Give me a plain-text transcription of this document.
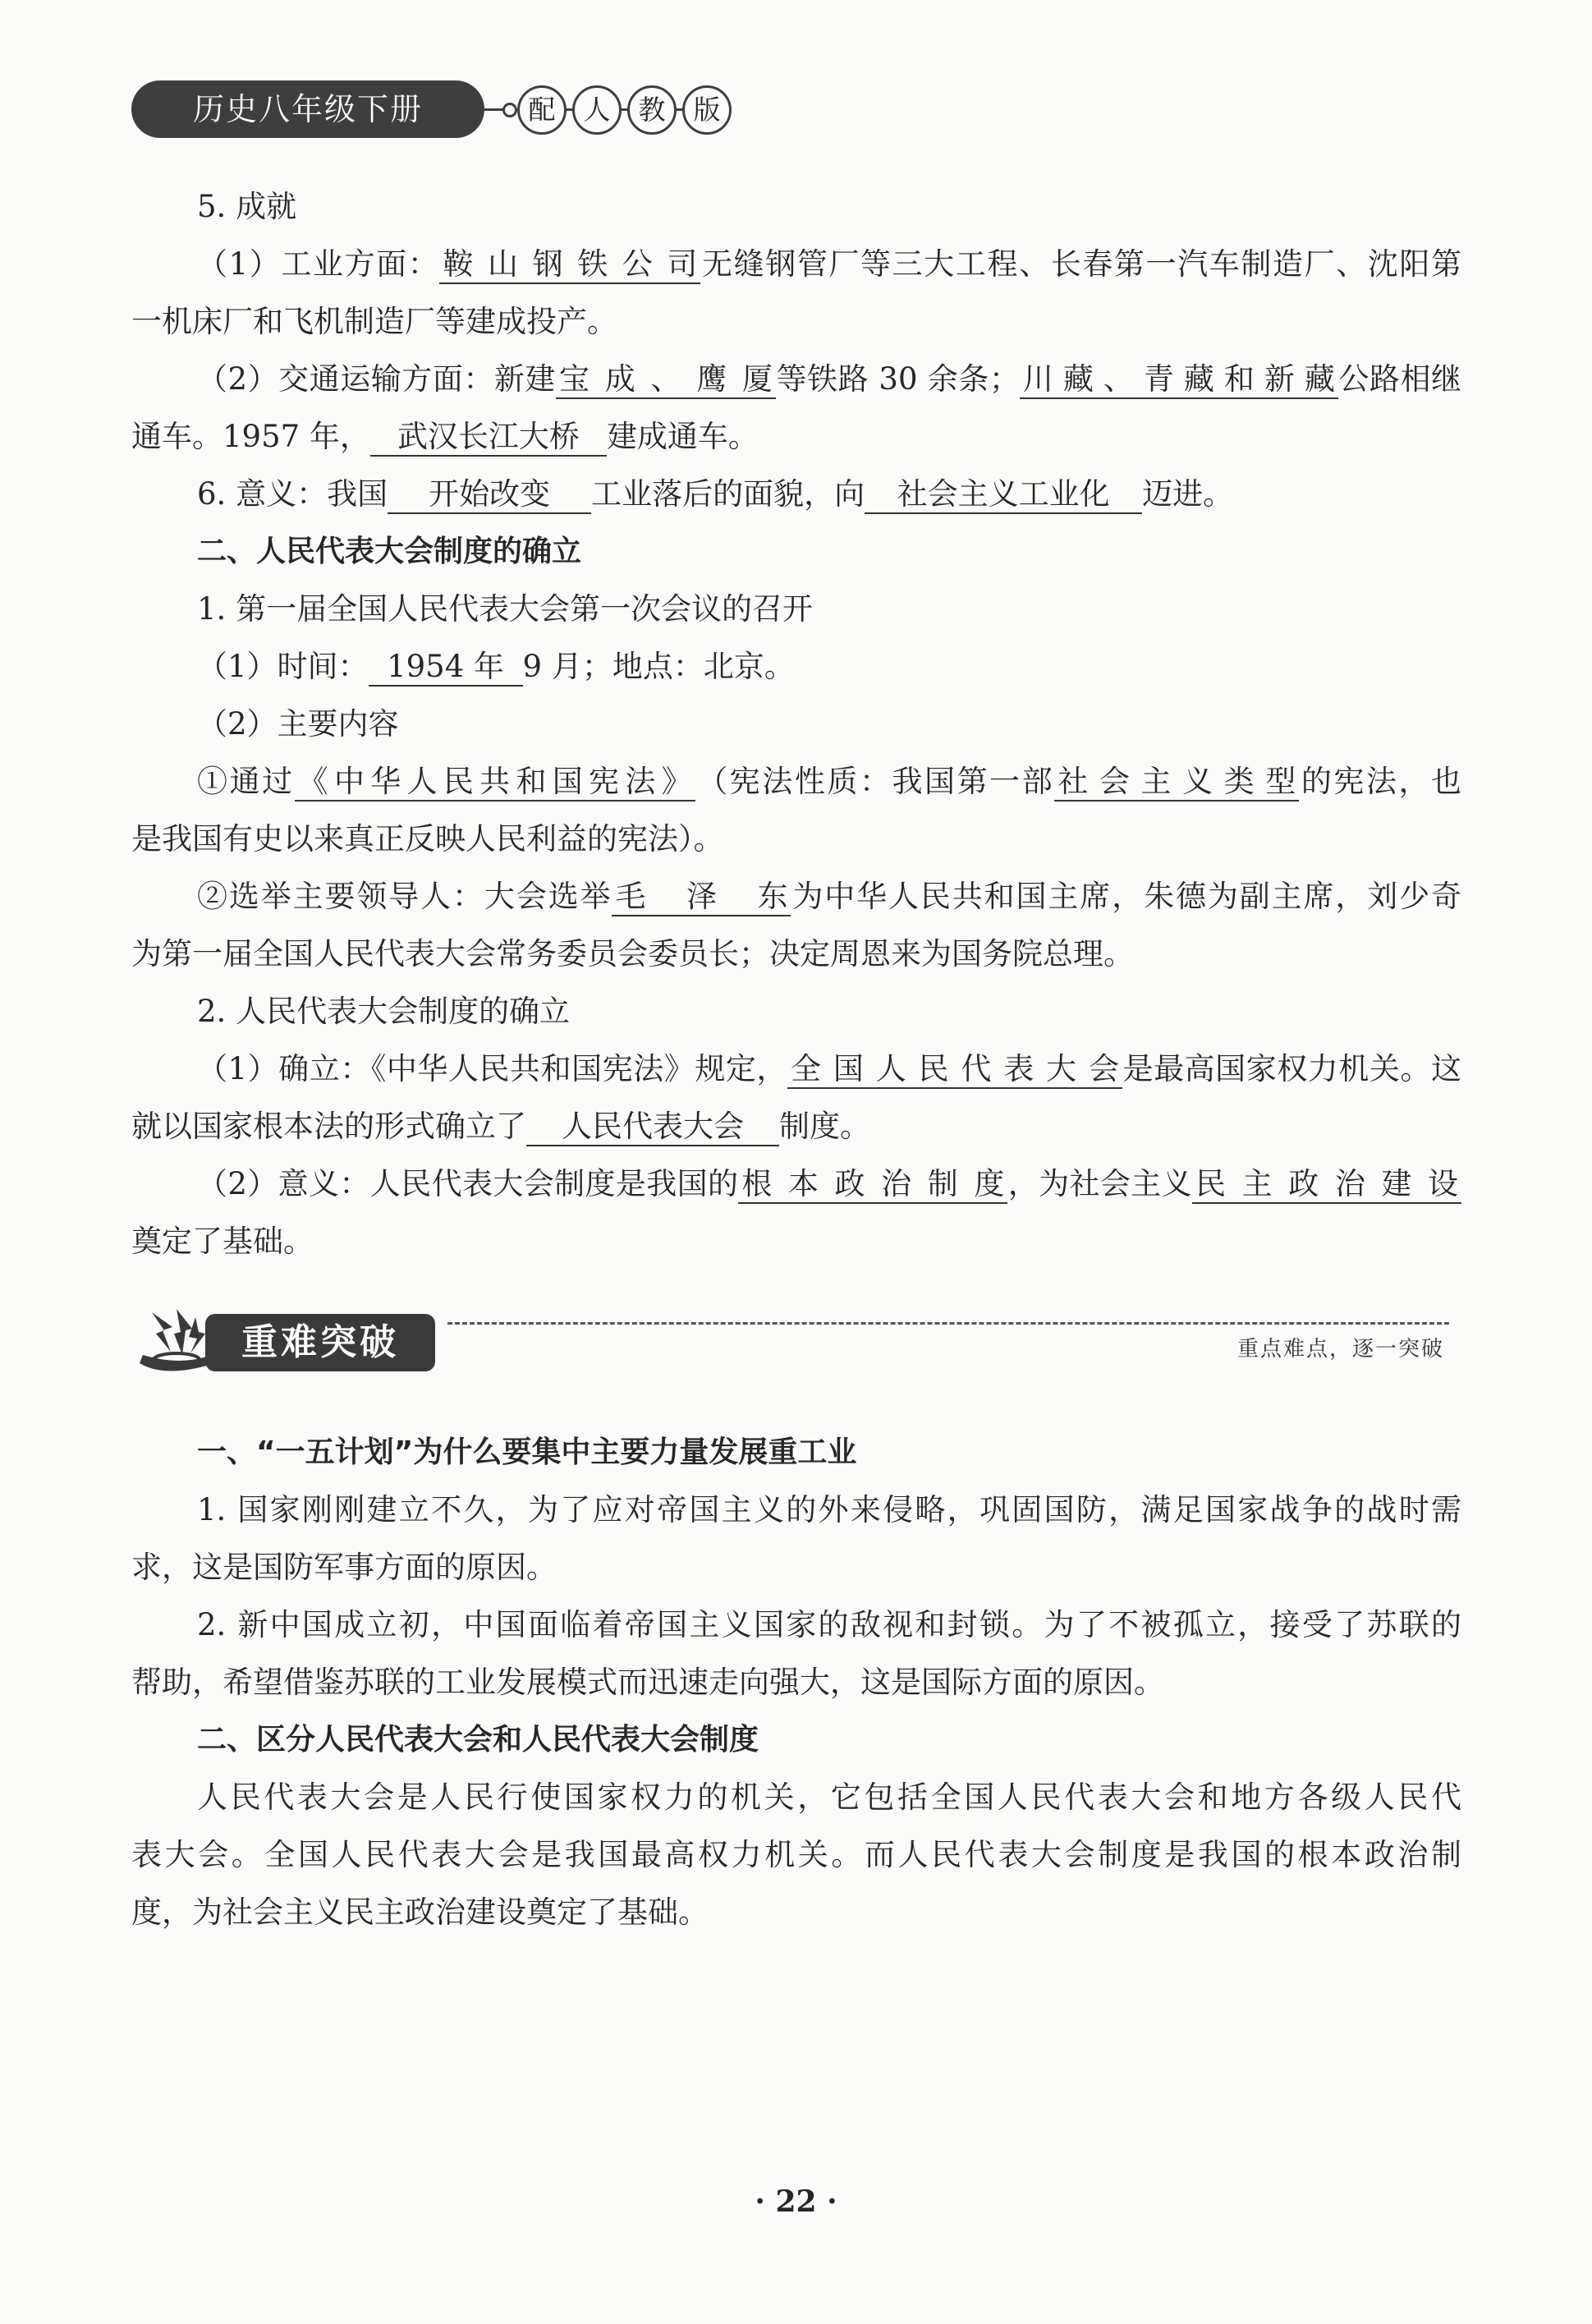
历史八年级下册	配	人	教	版
5. 成就
（1）工业方面： 鞍山钢铁公司 无缝钢管厂等三大工程、长春第一汽车制造厂、沈阳第
一机床厂和飞机制造厂等建成投产。
（2）交通运输方面：新建 宝成、鹰厦 等铁路 30 余条； 川藏、青藏和新藏 公路相继
通车。1957 年， 武汉长江大桥 建成通车。
6. 意义：我国 开始改变 工业落后的面貌，向 社会主义工业化 迈进。
二、人民代表大会制度的确立
1. 第一届全国人民代表大会第一次会议的召开
（1）时间： 1954 年 9 月；地点：北京。
（2）主要内容
①通过 《中华人民共和国宪法》 （宪法性质：我国第一部 社会主义类型 的宪法，也
是我国有史以来真正反映人民利益的宪法）。
②选举主要领导人：大会选举 毛泽东 为中华人民共和国主席，朱德为副主席，刘少奇
为第一届全国人民代表大会常务委员会委员长；决定周恩来为国务院总理。
2. 人民代表大会制度的确立
（1）确立：《中华人民共和国宪法》规定， 全国人民代表大会 是最高国家权力机关。这
就以国家根本法的形式确立了 人民代表大会 制度。
（2）意义：人民代表大会制度是我国的 根本政治制度 ，为社会主义 民主政治建设
奠定了基础。
重难突破	重点难点，逐一突破
一、“一五计划”为什么要集中主要力量发展重工业
1. 国家刚刚建立不久，为了应对帝国主义的外来侵略，巩固国防，满足国家战争的战时需
求，这是国防军事方面的原因。
2. 新中国成立初，中国面临着帝国主义国家的敌视和封锁。为了不被孤立，接受了苏联的
帮助，希望借鉴苏联的工业发展模式而迅速走向强大，这是国际方面的原因。
二、区分人民代表大会和人民代表大会制度
人民代表大会是人民行使国家权力的机关，它包括全国人民代表大会和地方各级人民代
表大会。全国人民代表大会是我国最高权力机关。而人民代表大会制度是我国的根本政治制
度，为社会主义民主政治建设奠定了基础。
· 22 ·
